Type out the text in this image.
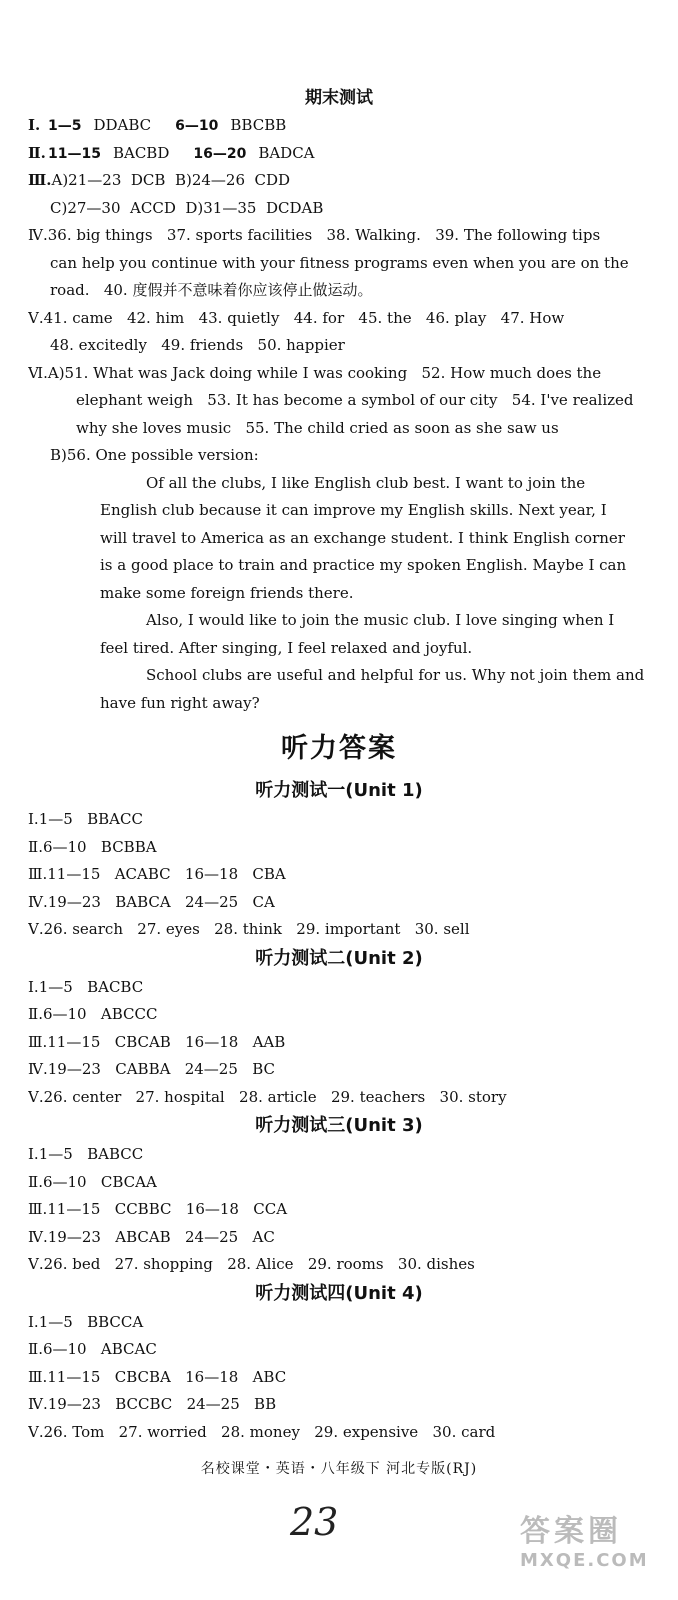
期末测试
Ⅰ. 1—5 DDABC 6—10 BBCBB
Ⅱ. 11—15 BACBD 16—20 BADCA
Ⅲ.A)21—23  DCB  B)24—26  CDD
C)27—30  ACCD  D)31—35  DCDAB
Ⅳ.36. big things   37. sports facilities   38. Walking.   39. The following tips
can help you continue with your fitness programs even when you are on the
road.   40. 度假并不意味着你应该停止做运动。
Ⅴ.41. came   42. him   43. quietly   44. for   45. the   46. play   47. How
48. excitedly   49. friends   50. happier
Ⅵ.A)51. What was Jack doing while I was cooking   52. How much does the
elephant weigh   53. It has become a symbol of our city   54. I've realized
why she loves music   55. The child cried as soon as she saw us
B)56. One possible version:
Of all the clubs, I like English club best. I want to join the
English club because it can improve my English skills. Next year, I
will travel to America as an exchange student. I think English corner
is a good place to train and practice my spoken English. Maybe I can
make some foreign friends there.
Also, I would like to join the music club. I love singing when I
feel tired. After singing, I feel relaxed and joyful.
School clubs are useful and helpful for us. Why not join them and
have fun right away?
听力答案
听力测试一(Unit 1)
Ⅰ.1—5   BBACC
Ⅱ.6—10   BCBBA
Ⅲ.11—15   ACABC   16—18   CBA
Ⅳ.19—23   BABCA   24—25   CA
Ⅴ.26. search   27. eyes   28. think   29. important   30. sell
听力测试二(Unit 2)
Ⅰ.1—5   BACBC
Ⅱ.6—10   ABCCC
Ⅲ.11—15   CBCAB   16—18   AAB
Ⅳ.19—23   CABBA   24—25   BC
Ⅴ.26. center   27. hospital   28. article   29. teachers   30. story
听力测试三(Unit 3)
Ⅰ.1—5   BABCC
Ⅱ.6—10   CBCAA
Ⅲ.11—15   CCBBC   16—18   CCA
Ⅳ.19—23   ABCAB   24—25   AC
Ⅴ.26. bed   27. shopping   28. Alice   29. rooms   30. dishes
听力测试四(Unit 4)
Ⅰ.1—5   BBCCA
Ⅱ.6—10   ABCAC
Ⅲ.11—15   CBCBA   16—18   ABC
Ⅳ.19—23   BCCBC   24—25   BB
Ⅴ.26. Tom   27. worried   28. money   29. expensive   30. card
名校课堂・英语・八年级下 河北专版(RJ)
23	答案圈
MXQE.COM
